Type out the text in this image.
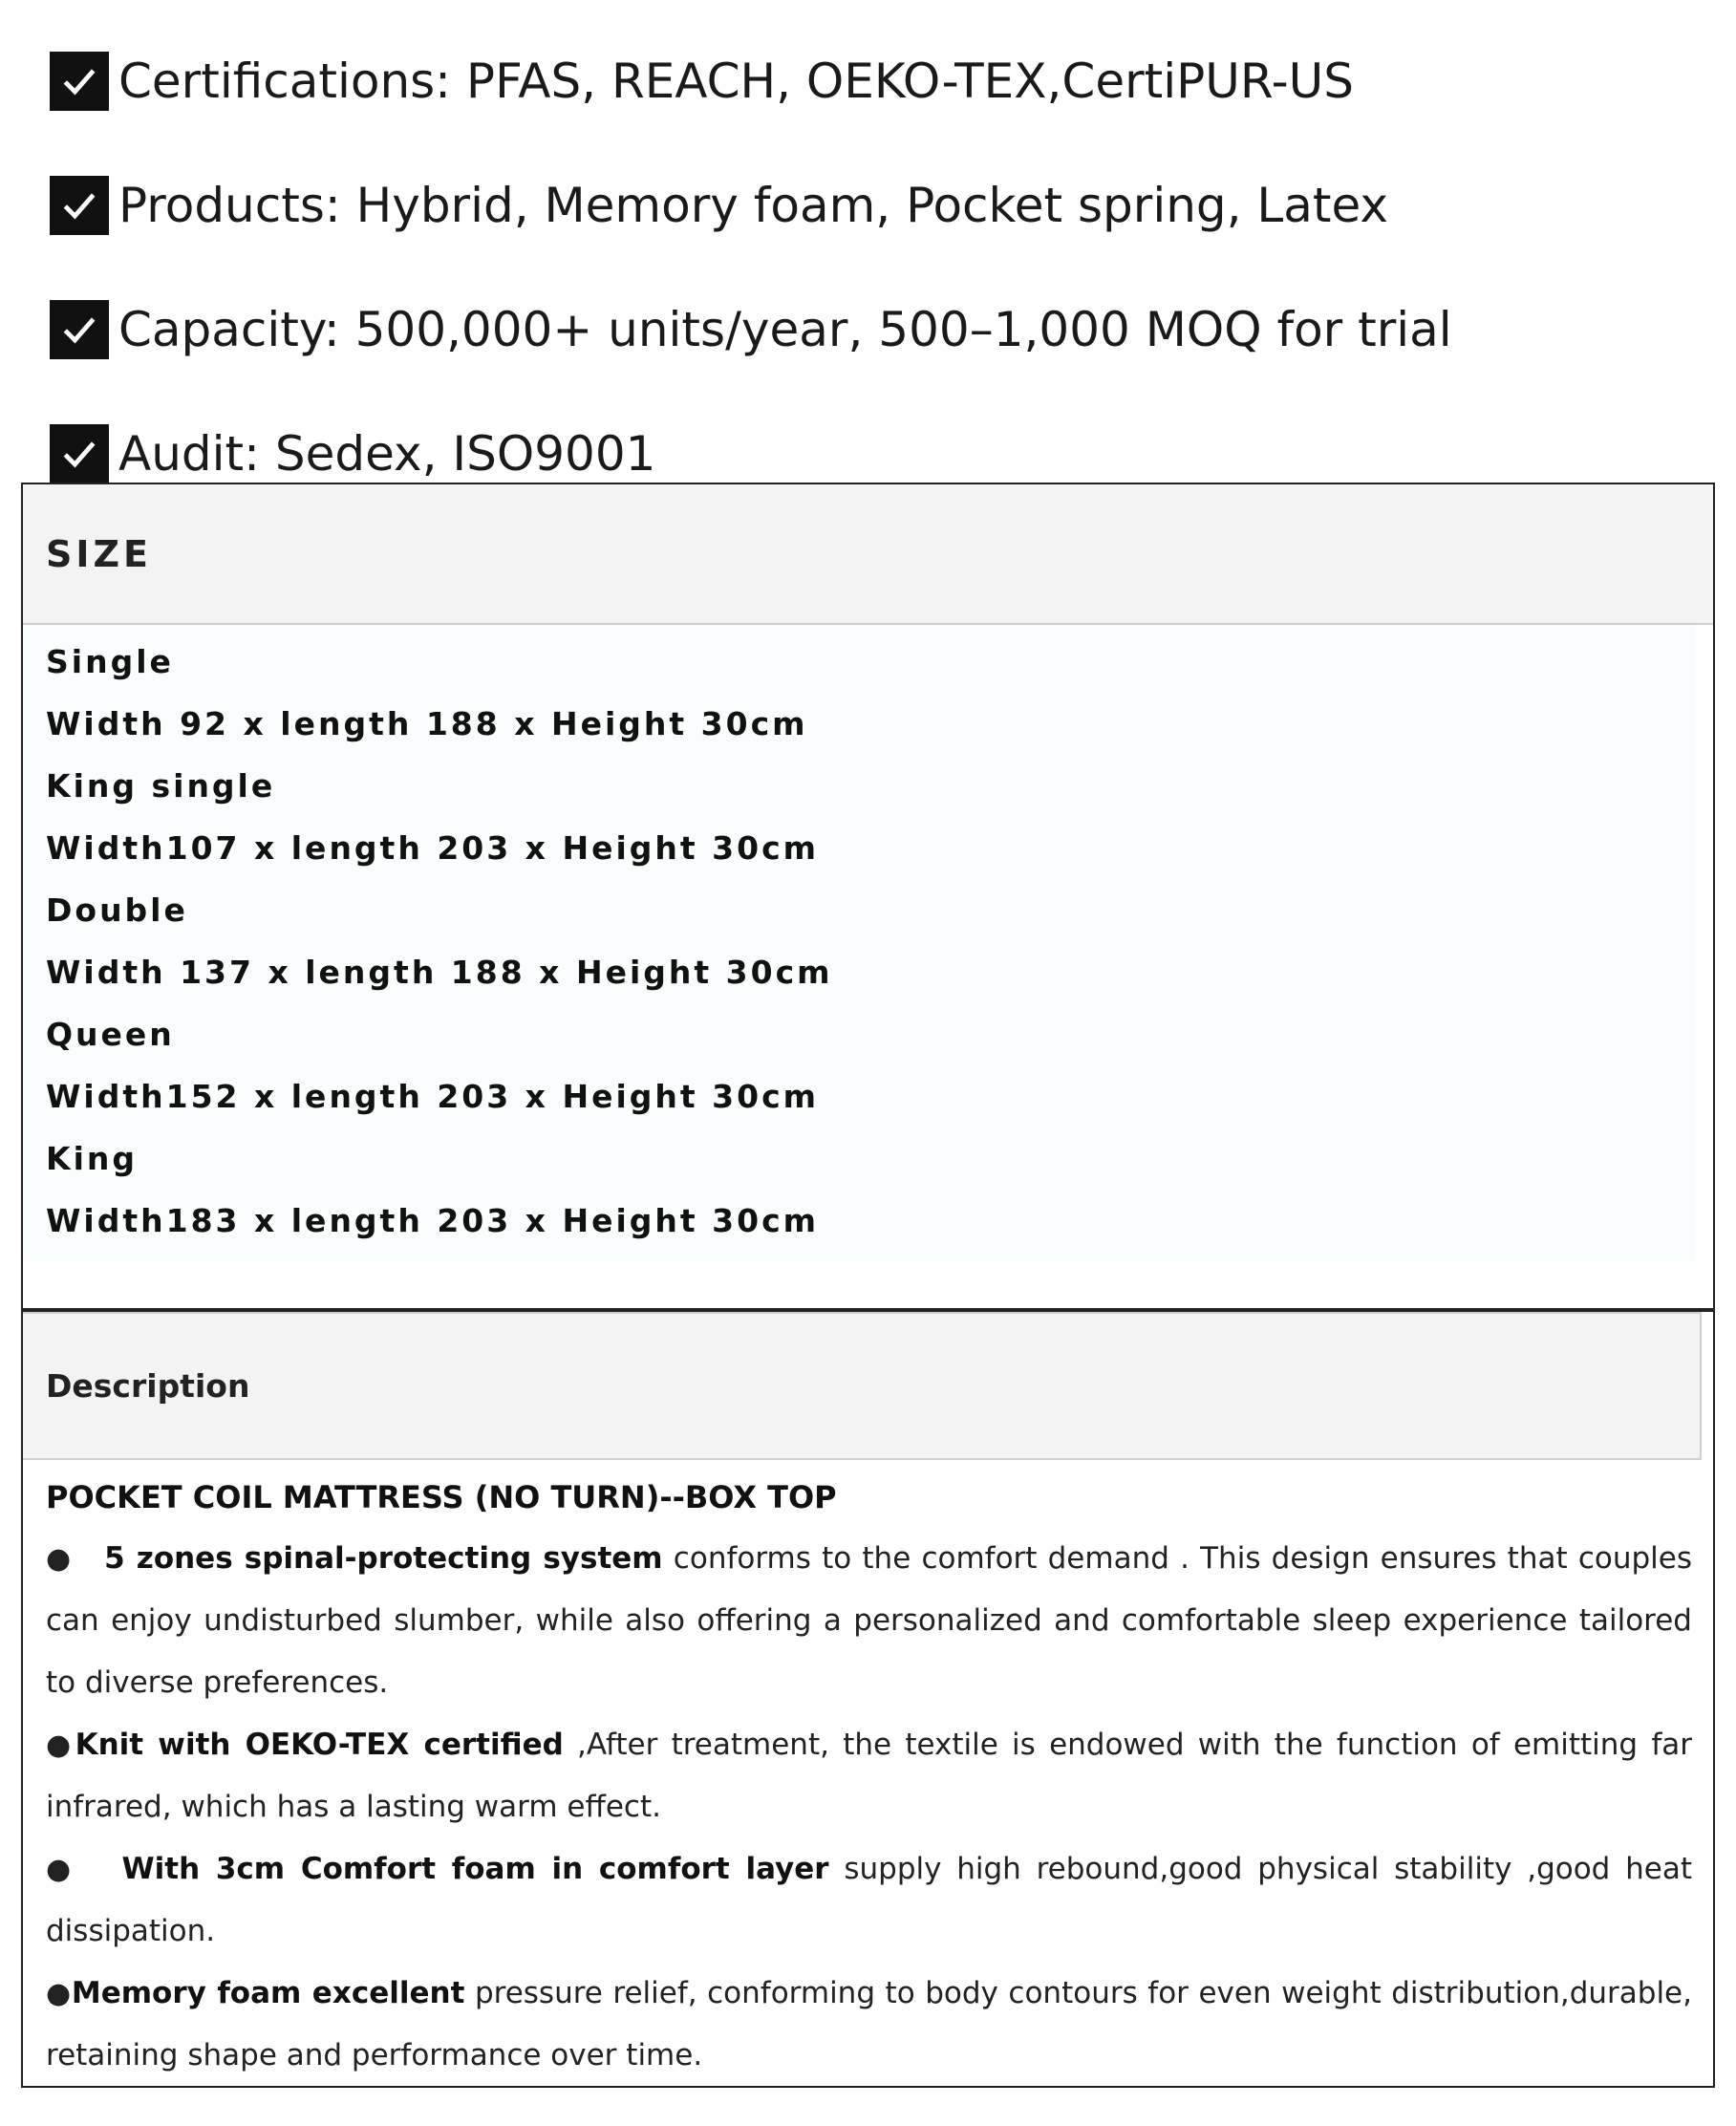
Certifications: PFAS, REACH, OEKO-TEX,CertiPUR-US
Products: Hybrid, Memory foam, Pocket spring, Latex
Capacity: 500,000+ units/year, 500–1,000 MOQ for trial
Audit: Sedex, ISO9001
SIZE
Single
Width 92 x length 188 x Height 30cm
King single
Width107 x length 203 x Height 30cm
Double
Width 137 x length 188 x Height 30cm
Queen
Width152 x length 203 x Height 30cm
King
Width183 x length 203 x Height 30cm
Description
POCKET COIL MATTRESS (NO TURN)--BOX TOP
● 5 zones spinal-protecting system conforms to the comfort demand . This design ensures that couples can enjoy undisturbed slumber, while also offering a personalized and comfortable sleep experience tailored to diverse preferences.
●Knit with OEKO-TEX certified ,After treatment, the textile is endowed with the function of emitting far infrared, which has a lasting warm effect.
● With 3cm Comfort foam in comfort layer supply high rebound,good physical stability ,good heat dissipation.
●Memory foam excellent pressure relief, conforming to body contours for even weight distribution,durable, retaining shape and performance over time.
